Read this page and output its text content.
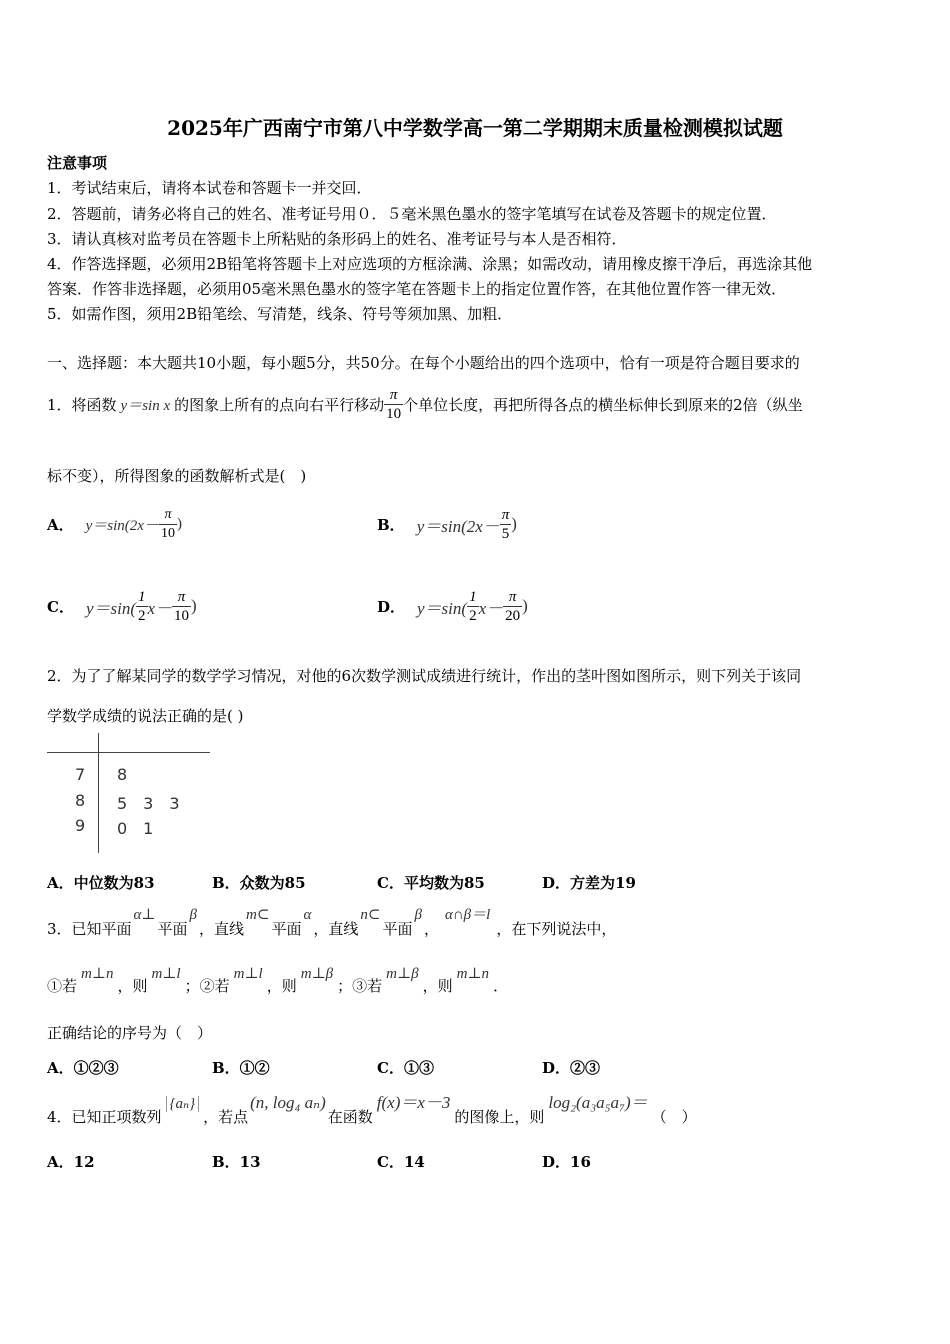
2025年广西南宁市第八中学数学高一第二学期期末质量检测模拟试题
注意事项
1．考试结束后，请将本试卷和答题卡一并交回．
2．答题前，请务必将自己的姓名、准考证号用０．５毫米黑色墨水的签字笔填写在试卷及答题卡的规定位置．
3．请认真核对监考员在答题卡上所粘贴的条形码上的姓名、准考证号与本人是否相符．
4．作答选择题，必须用2B铅笔将答题卡上对应选项的方框涂满、涂黑；如需改动，请用橡皮擦干净后，再选涂其他
答案．作答非选择题，必须用05毫米黑色墨水的签字笔在答题卡上的指定位置作答，在其他位置作答一律无效．
5．如需作图，须用2B铅笔绘、写清楚，线条、符号等须加黑、加粗．
一、选择题：本大题共10小题，每小题5分，共50分。在每个小题给出的四个选项中，恰有一项是符合题目要求的
1．将函数 y＝sin x 的图象上所有的点向右平行移动 $\frac{\pi}{10}$ 个单位长度，再把所得各点的横坐标伸长到原来的2倍（纵坐
标不变），所得图象的函数解析式是(　)
A． $y=\sin(2x- \frac{\pi}{10}$ )	B． $y=\sin(2x- \frac{\pi}{5}$ )
C． $y=\sin( \frac{1}{2} x- \frac{\pi}{10}$ )	D． $y=\sin( \frac{1}{2} x- \frac{\pi}{20}$ )
2．为了了解某同学的数学学习情况，对他的6次数学测试成绩进行统计，作出的茎叶图如图所示，则下列关于该同
学数学成绩的说法正确的是( )
7 8
8 5　3　3
9 0　1
A．中位数为83	B．众数为85	C．平均数为85	D．方差为19
3．已知平面α⊥平面β，直线m⊂平面α，直线n⊂平面β，α∩β＝l，在下列说法中，
①若m⊥n，则m⊥l；②若m⊥l，则m⊥β；③若m⊥β，则m⊥n．
正确结论的序号为（　）
A．①②③	B．①②	C．①③	D．②③
4．已知正项数列{aₙ}，若点(n, log₄ aₙ)在函数f(x)＝x－3的图像上，则log₂(a₃a₅a₇)＝（　）
A．12	B．13	C．14	D．16
